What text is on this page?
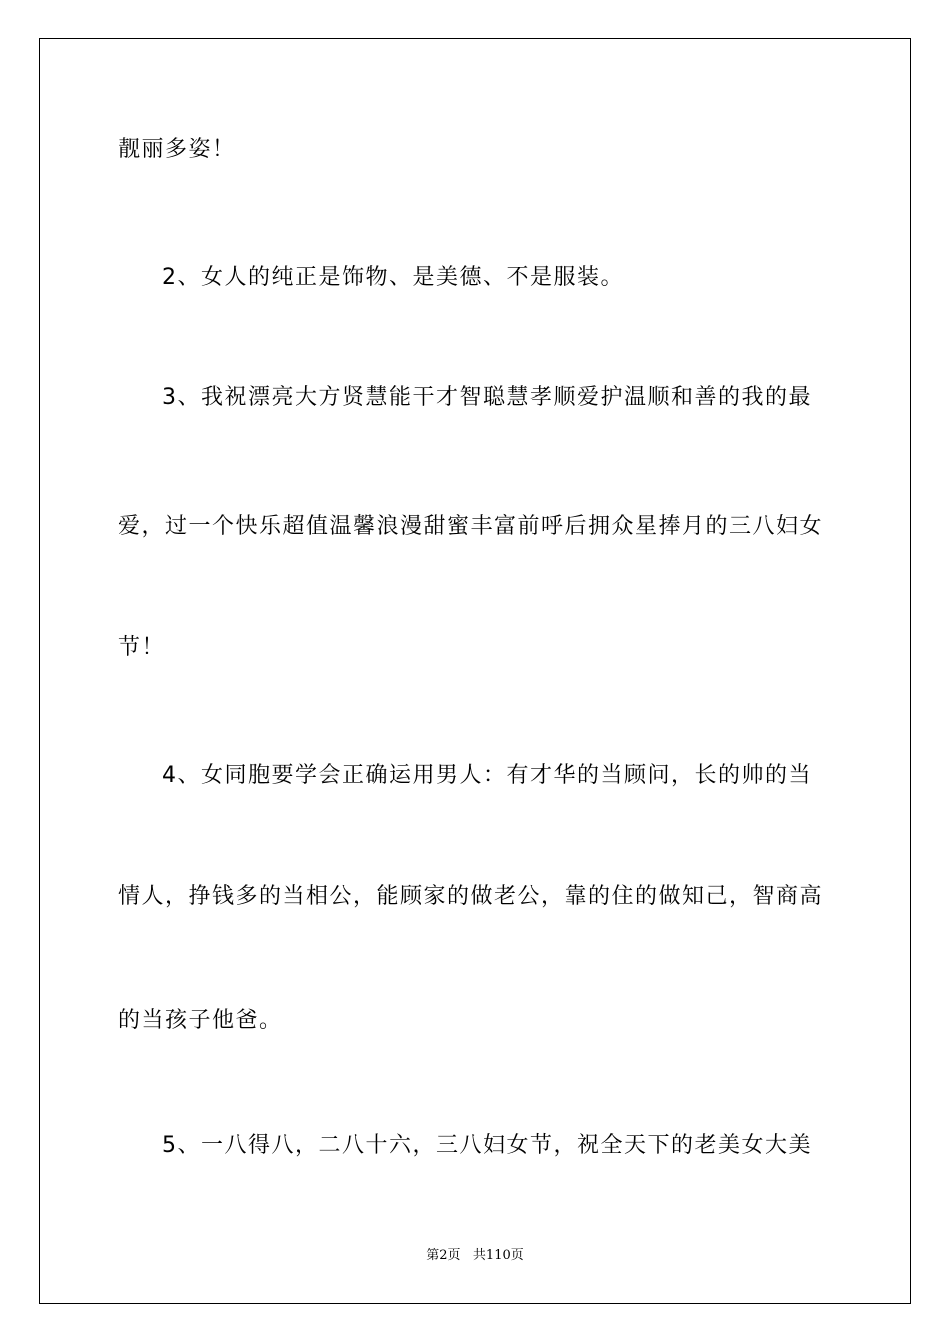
靓丽多姿！
2、女人的纯正是饰物、是美德、不是服装。
3、我祝漂亮大方贤慧能干才智聪慧孝顺爱护温顺和善的我的最
爱，过一个快乐超值温馨浪漫甜蜜丰富前呼后拥众星捧月的三八妇女
节！
4、女同胞要学会正确运用男人：有才华的当顾问，长的帅的当
情人，挣钱多的当相公，能顾家的做老公，靠的住的做知己，智商高
的当孩子他爸。
5、一八得八，二八十六，三八妇女节，祝全天下的老美女大美
第2页   共110页
